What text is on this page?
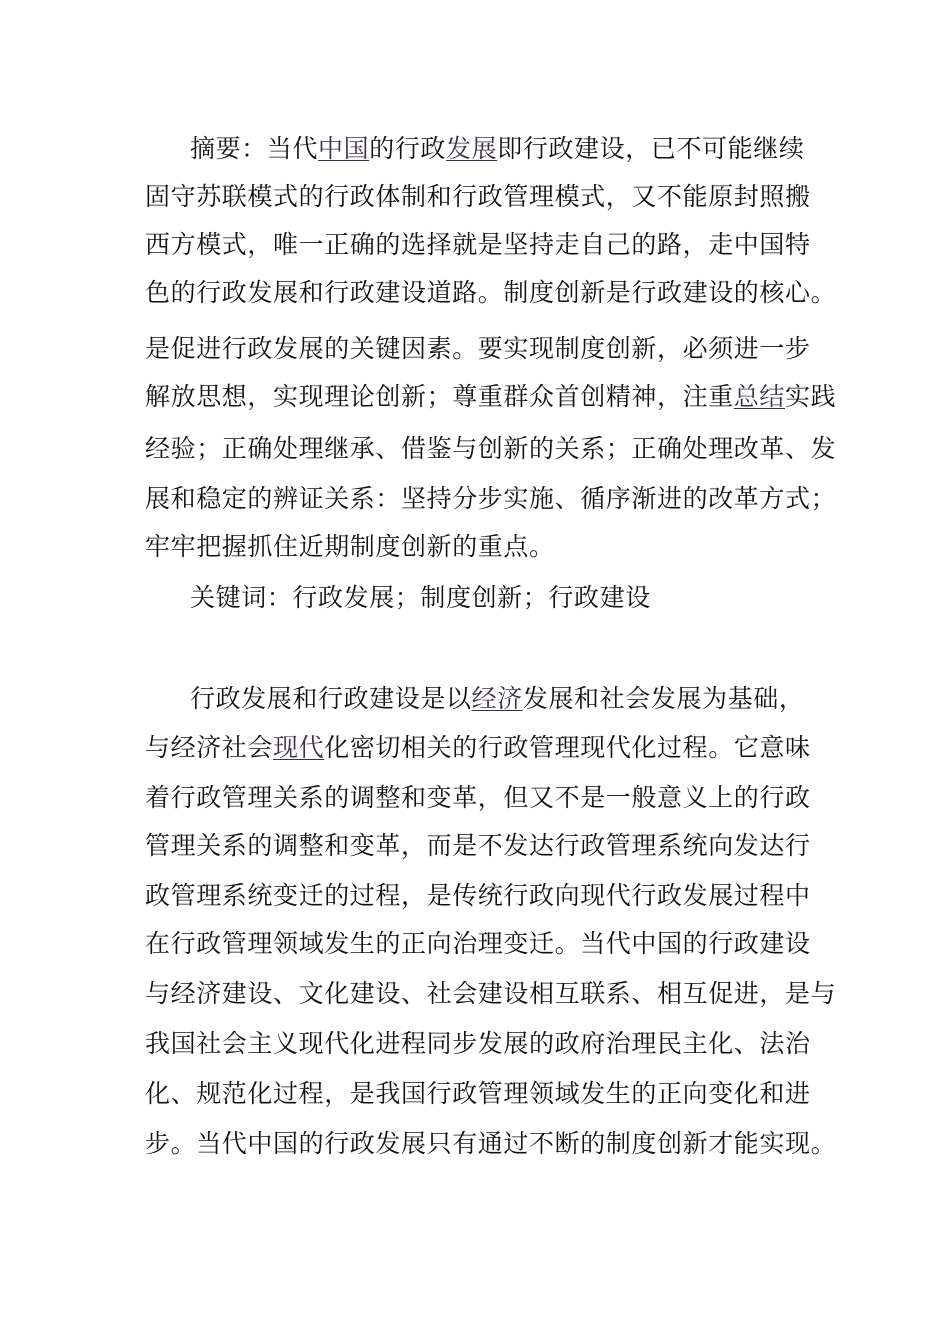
摘要：当代中国的行政发展即行政建设，已不可能继续
固守苏联模式的行政体制和行政管理模式，又不能原封照搬
西方模式，唯一正确的选择就是坚持走自己的路，走中国特
色的行政发展和行政建设道路。制度创新是行政建设的核心。
是促进行政发展的关键因素。要实现制度创新，必须进一步
解放思想，实现理论创新；尊重群众首创精神，注重总结实践
经验；正确处理继承、借鉴与创新的关系；正确处理改革、发
展和稳定的辨证关系：坚持分步实施、循序渐进的改革方式；
牢牢把握抓住近期制度创新的重点。
关键词：行政发展；制度创新；行政建设
行政发展和行政建设是以经济发展和社会发展为基础，
与经济社会现代化密切相关的行政管理现代化过程。它意味
着行政管理关系的调整和变革，但又不是一般意义上的行政
管理关系的调整和变革，而是不发达行政管理系统向发达行
政管理系统变迁的过程，是传统行政向现代行政发展过程中
在行政管理领域发生的正向治理变迁。当代中国的行政建设
与经济建设、文化建设、社会建设相互联系、相互促进，是与
我国社会主义现代化进程同步发展的政府治理民主化、法治
化、规范化过程，是我国行政管理领域发生的正向变化和进
步。当代中国的行政发展只有通过不断的制度创新才能实现。
